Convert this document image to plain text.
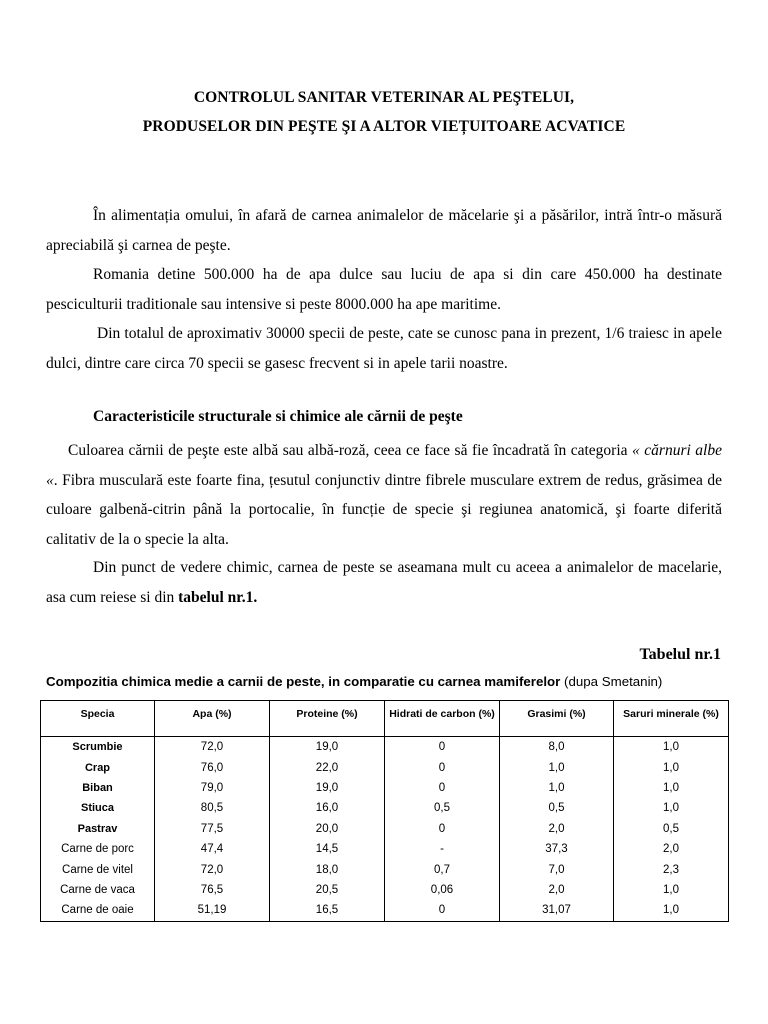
CONTROLUL SANITAR VETERINAR AL PEŞTELUI,
PRODUSELOR DIN PEŞTE ŞI A ALTOR VIEȚUITOARE ACVATICE

În alimentația omului, în afară de carnea animalelor de măcelarie şi a păsărilor, intră într-o măsură apreciabilă şi carnea de peşte.

Romania detine 500.000 ha de apa dulce sau luciu de apa si din care 450.000 ha destinate pesciculturii traditionale sau intensive si peste 8000.000 ha ape maritime.

Din totalul de aproximativ 30000 specii de peste, cate se cunosc pana in prezent, 1/6 traiesc in apele dulci, dintre care circa 70 specii se gasesc frecvent si in apele tarii noastre.

Caracteristicile structurale si chimice ale cărnii de peşte

Culoarea cărnii de peşte este albă sau albă-roză, ceea ce face să fie încadrată în categoria « cărnuri albe «. Fibra musculară este foarte fina, țesutul conjunctiv dintre fibrele musculare extrem de redus, grăsimea de culoare galbenă-citrin până la portocalie, în funcție de specie şi regiunea anatomică, şi foarte diferită calitativ de la o specie la alta.

Din punct de vedere chimic, carnea de peste se aseamana mult cu aceea a animalelor de macelarie, asa cum reiese si din tabelul nr.1.

Tabelul nr.1
Compozitia chimica medie a carnii de peste, in comparatie cu carnea mamiferelor (dupa Smetanin)
Specia	Apa (%)	Proteine (%)	Hidrati de carbon (%)	Grasimi (%)	Saruri minerale (%)
Scrumbie	72,0	19,0	0	8,0	1,0
Crap	76,0	22,0	0	1,0	1,0
Biban	79,0	19,0	0	1,0	1,0
Stiuca	80,5	16,0	0,5	0,5	1,0
Pastrav	77,5	20,0	0	2,0	0,5
Carne de porc	47,4	14,5	-	37,3	2,0
Carne de vitel	72,0	18,0	0,7	7,0	2,3
Carne de vaca	76,5	20,5	0,06	2,0	1,0
Carne de oaie	51,19	16,5	0	31,07	1,0
